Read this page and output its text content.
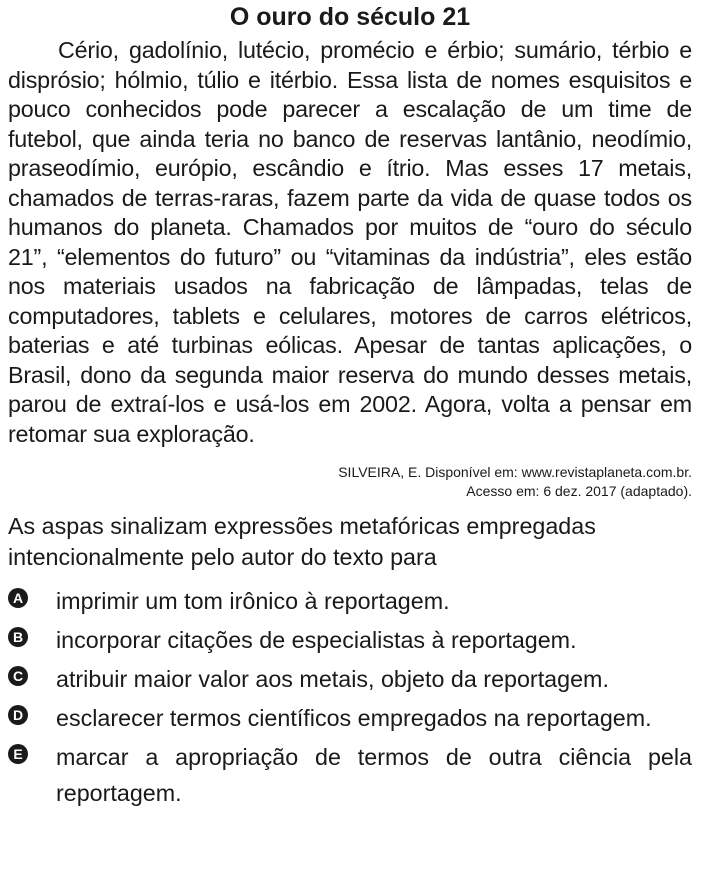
O ouro do século 21

Cério, gadolínio, lutécio, promécio e érbio; sumário, térbio e disprósio; hólmio, túlio e itérbio. Essa lista de nomes esquisitos e pouco conhecidos pode parecer a escalação de um time de futebol, que ainda teria no banco de reservas lantânio, neodímio, praseodímio, európio, escândio e ítrio. Mas esses 17 metais, chamados de terras-raras, fazem parte da vida de quase todos os humanos do planeta. Chamados por muitos de “ouro do século 21”, “elementos do futuro” ou “vitaminas da indústria”, eles estão nos materiais usados na fabricação de lâmpadas, telas de computadores, tablets e celulares, motores de carros elétricos, baterias e até turbinas eólicas. Apesar de tantas aplicações, o Brasil, dono da segunda maior reserva do mundo desses metais, parou de extraí-los e usá-los em 2002. Agora, volta a pensar em retomar sua exploração.

SILVEIRA, E. Disponível em: www.revistaplaneta.com.br.
Acesso em: 6 dez. 2017 (adaptado).

As aspas sinalizam expressões metafóricas empregadas intencionalmente pelo autor do texto para

A imprimir um tom irônico à reportagem.
B incorporar citações de especialistas à reportagem.
C atribuir maior valor aos metais, objeto da reportagem.
D esclarecer termos científicos empregados na reportagem.
E marcar a apropriação de termos de outra ciência pela reportagem.
